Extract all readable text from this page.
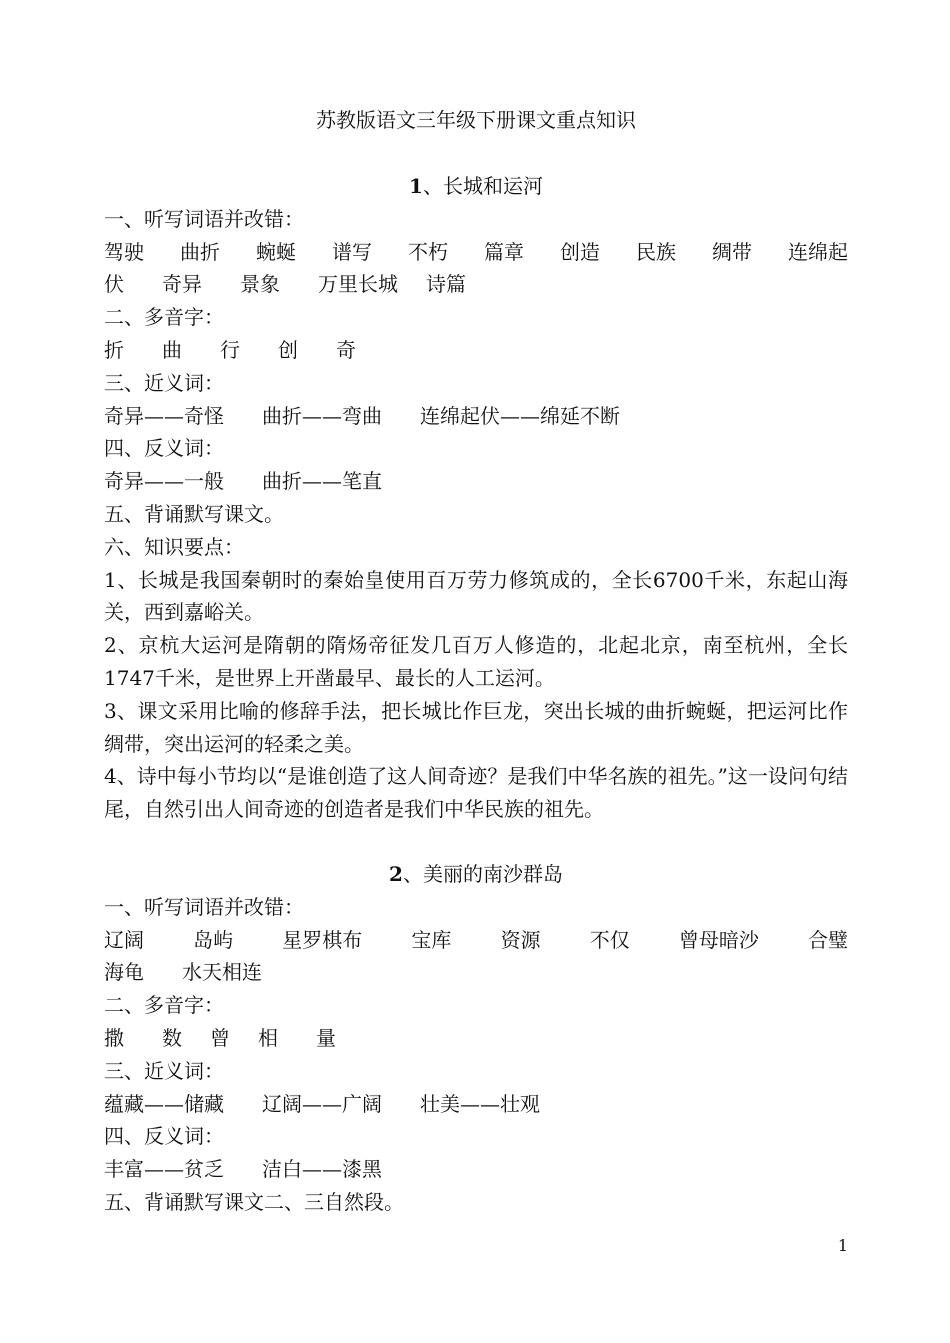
苏教版语文三年级下册课文重点知识
1、长城和运河
一、听写词语并改错：
驾驶 曲折 蜿蜒 谱写 不朽 篇章 创造 民族 绸带 连绵起
伏 奇异 景象 万里长城 诗篇
二、多音字：
折 曲 行 创 奇
三、近义词：
奇异——奇怪 曲折——弯曲 连绵起伏——绵延不断
四、反义词：
奇异——一般 曲折——笔直
五、背诵默写课文。
六、知识要点：
1、长城是我国秦朝时的秦始皇使用百万劳力修筑成的，全长6700千米，东起山海关，西到嘉峪关。
2、京杭大运河是隋朝的隋炀帝征发几百万人修造的，北起北京，南至杭州，全长1747千米，是世界上开凿最早、最长的人工运河。
3、课文采用比喻的修辞手法，把长城比作巨龙，突出长城的曲折蜿蜒，把运河比作绸带，突出运河的轻柔之美。
4、诗中每小节均以“是谁创造了这人间奇迹？是我们中华名族的祖先。”这一设问句结尾，自然引出人间奇迹的创造者是我们中华民族的祖先。
2、美丽的南沙群岛
一、听写词语并改错：
辽阔 岛屿 星罗棋布 宝库 资源 不仅 曾母暗沙 合璧
海龟 水天相连
二、多音字：
撒 数 曾 相 量
三、近义词：
蕴藏——储藏 辽阔——广阔 壮美——壮观
四、反义词：
丰富——贫乏 洁白——漆黑
五、背诵默写课文二、三自然段。
1
